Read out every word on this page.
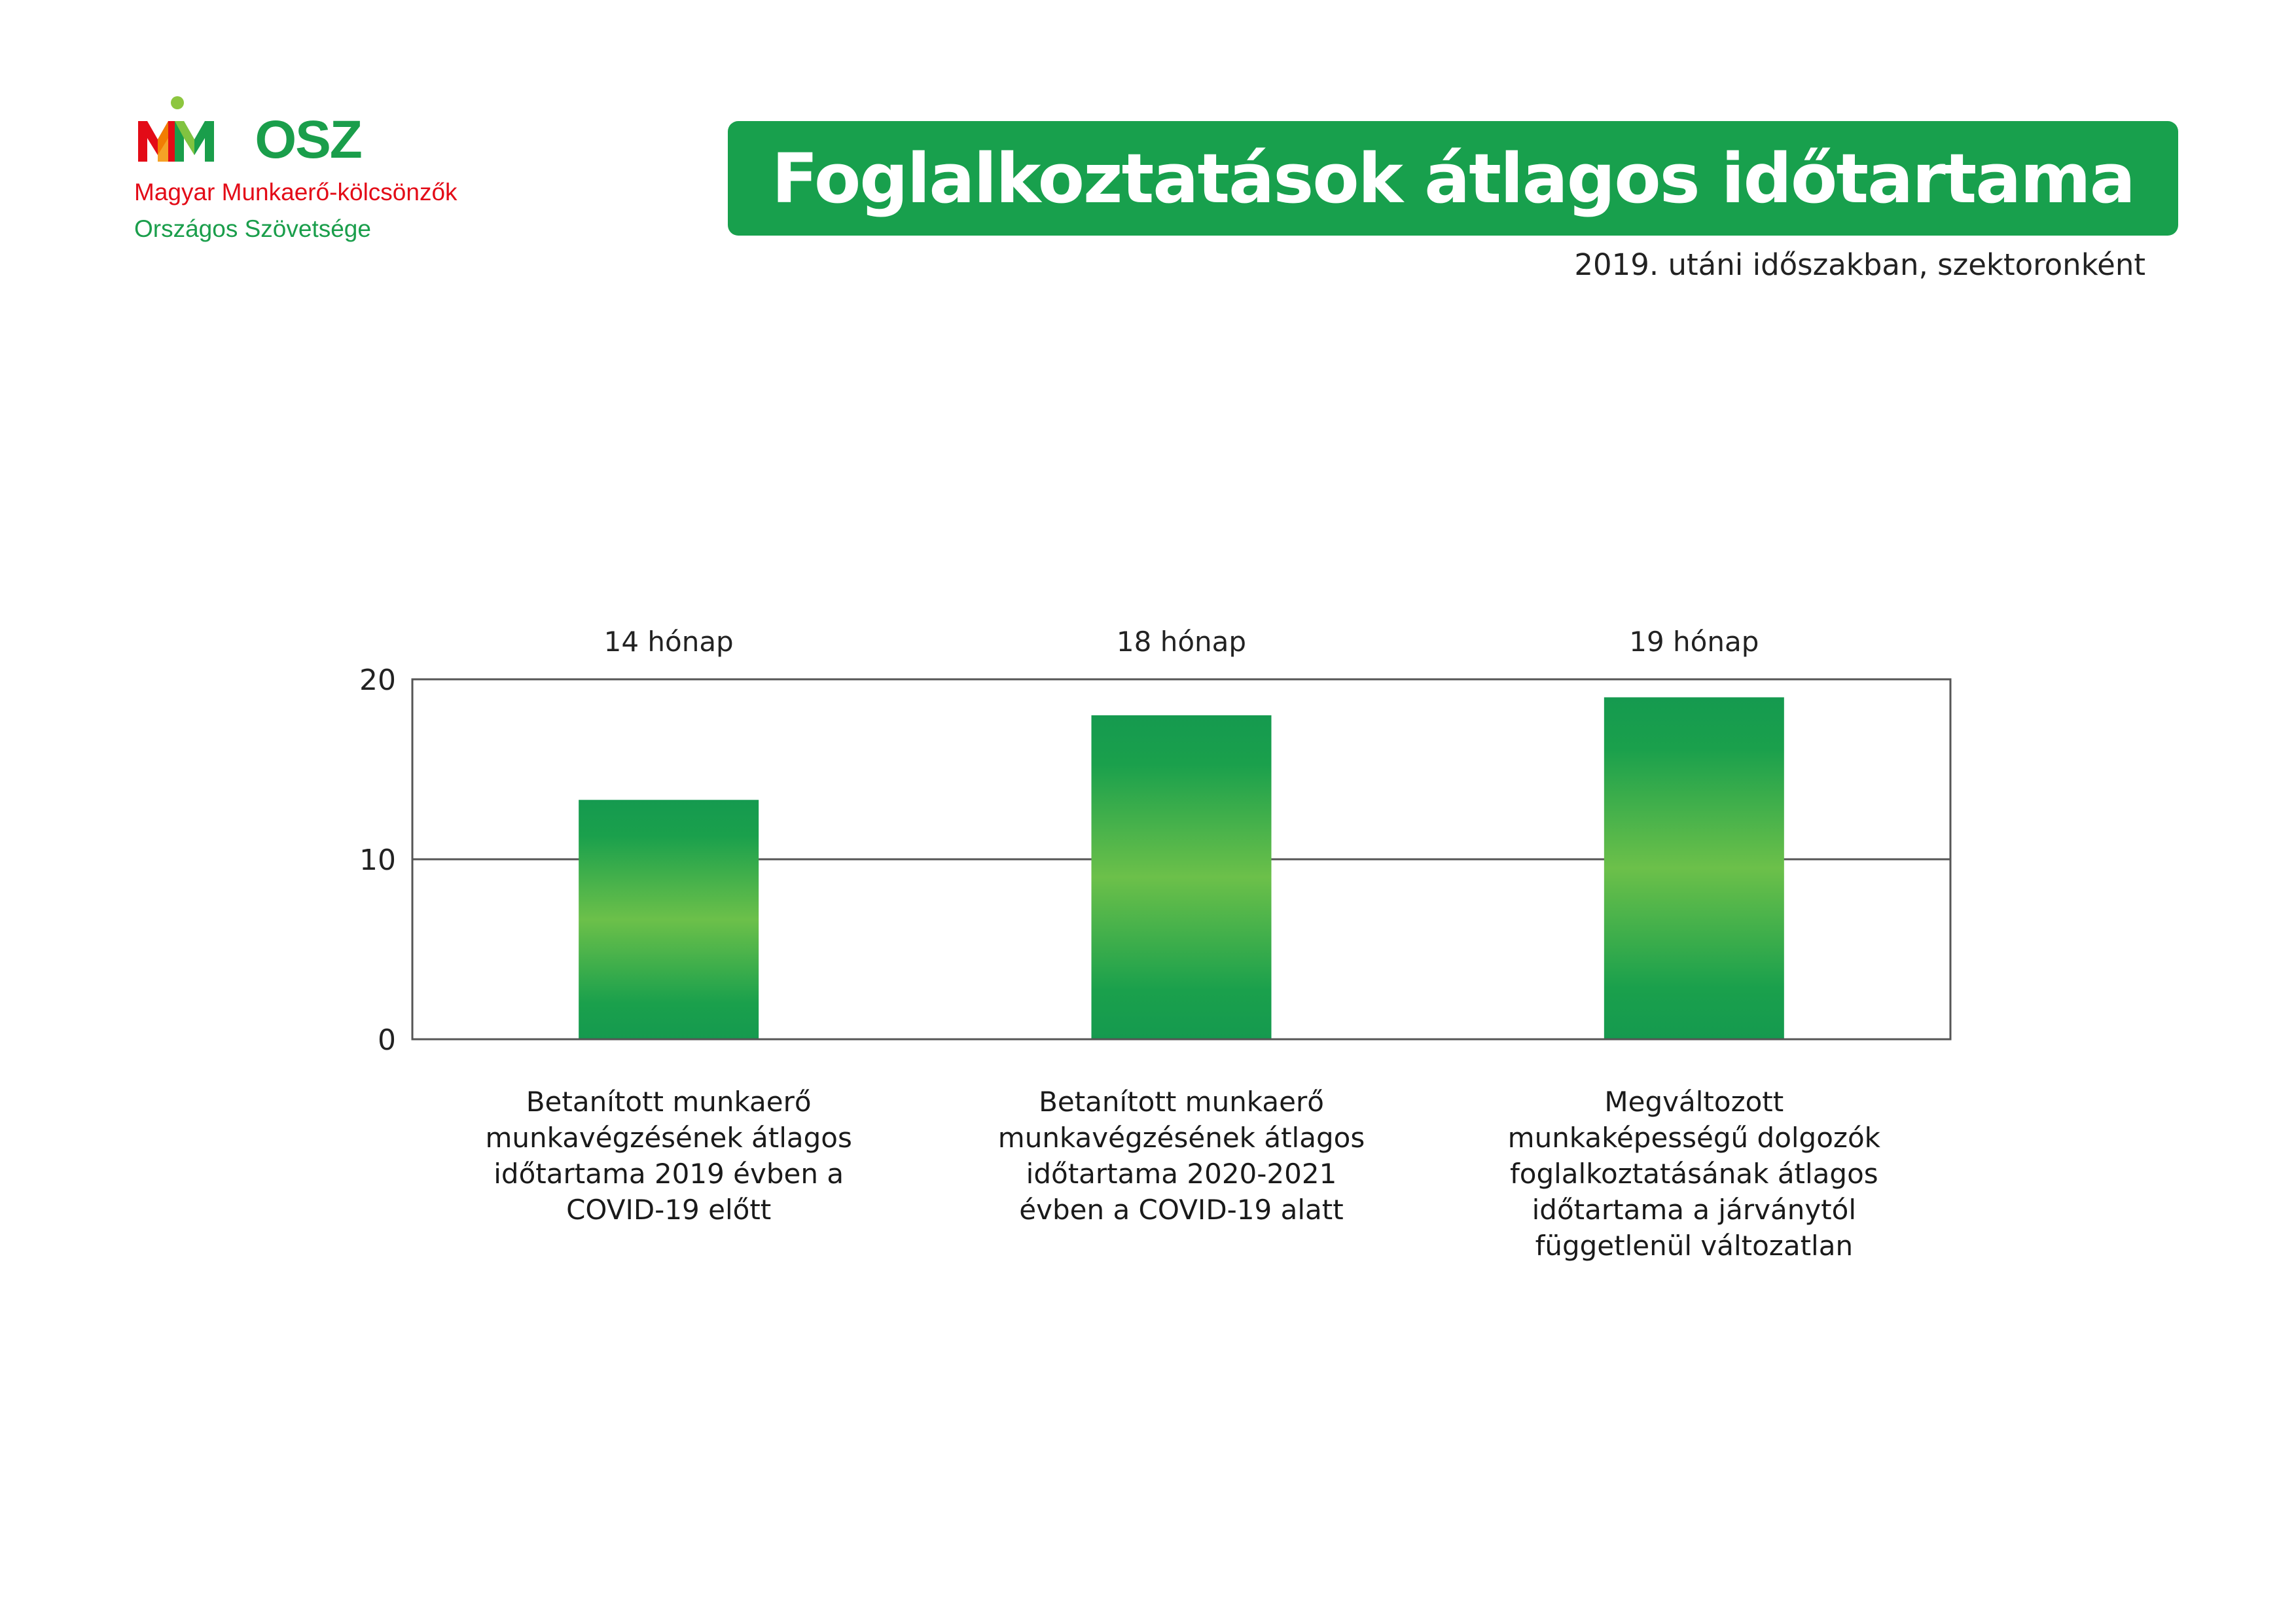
OSZ
Magyar Munkaerő-kölcsönzők
Országos Szövetsége
Foglalkoztatások átlagos időtartama
2019. utáni időszakban, szektoronként
0
10
20
14 hónap
Betanított munkaerő
munkavégzésének átlagos
időtartama 2019 évben a
COVID-19 előtt
18 hónap
Betanított munkaerő
munkavégzésének átlagos
időtartama 2020-2021
évben a COVID-19 alatt
19 hónap
Megváltozott
munkaképességű dolgozók
foglalkoztatásának átlagos
időtartama a járványtól
függetlenül változatlan
